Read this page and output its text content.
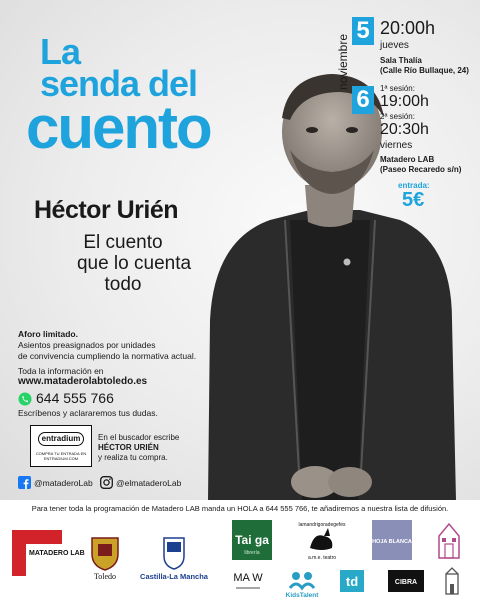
La
senda del
cuento
Héctor Urién
El cuento
que lo cuenta
todo
noviembre
5 20:00h
jueves
Sala Thalía
(Calle Río Bullaque, 24)
6	1ª sesión:
19:00h
2ª sesión:
20:30h
viernes
Matadero LAB
(Paseo Recaredo s/n)
entrada:
5€
Aforo limitado.
Asientos preasignados por unidades
de convivencia cumpliendo la normativa actual.
Toda la información en
www.mataderolabtoledo.es
644 555 766
Escríbenos y aclararemos tus dudas.
entradium
COMPRA TU ENTRADA EN ENTRADIUM.COM
En el buscador escribe
HÉCTOR URIÉN
y realiza tu compra.
@mataderoLab	@elmataderoLab
Para tener toda la programación de Matadero LAB manda un HOLA a 644 555 766, te añadiremos a nuestra lista de difusión.
MATADERO LAB
Toledo	Castilla-La Mancha
Tai ga
librería
lamandrigoradegefes
a.m.e. teatro
HOJA BLANCA
MA W
KidsTalent
td	CIBRA
